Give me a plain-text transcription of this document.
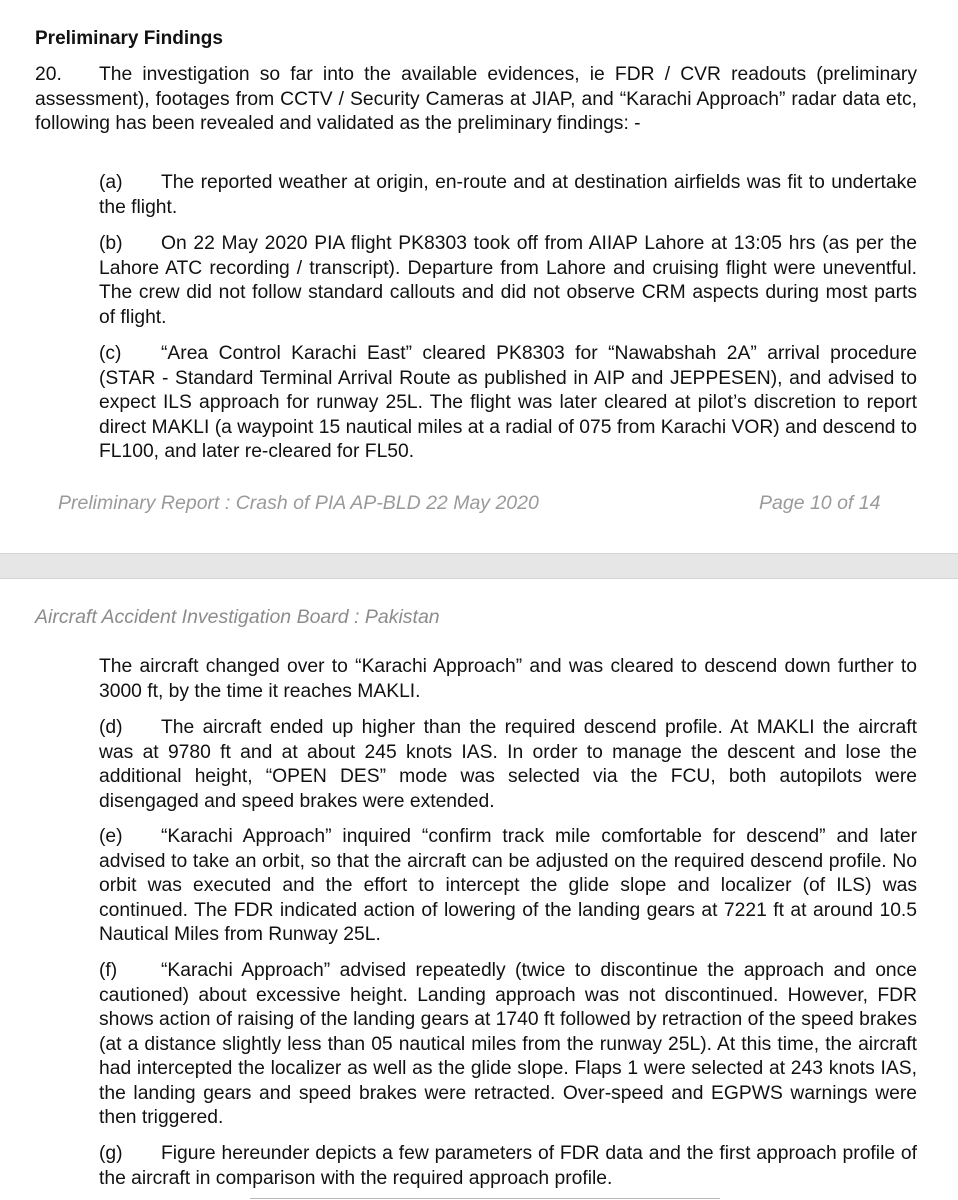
Preliminary Findings

20. The investigation so far into the available evidences, ie FDR / CVR readouts (preliminary assessment), footages from CCTV / Security Cameras at JIAP, and “Karachi Approach” radar data etc, following has been revealed and validated as the preliminary findings: -

(a) The reported weather at origin, en-route and at destination airfields was fit to undertake the flight.

(b) On 22 May 2020 PIA flight PK8303 took off from AIIAP Lahore at 13:05 hrs (as per the Lahore ATC recording / transcript). Departure from Lahore and cruising flight were uneventful. The crew did not follow standard callouts and did not observe CRM aspects during most parts of flight.

(c) “Area Control Karachi East” cleared PK8303 for “Nawabshah 2A” arrival procedure (STAR - Standard Terminal Arrival Route as published in AIP and JEPPESEN), and advised to expect ILS approach for runway 25L. The flight was later cleared at pilot’s discretion to report direct MAKLI (a waypoint 15 nautical miles at a radial of 075 from Karachi VOR) and descend to FL100, and later re-cleared for FL50.

Preliminary Report : Crash of PIA AP-BLD 22 May 2020	Page 10 of 14
Aircraft Accident Investigation Board : Pakistan

The aircraft changed over to “Karachi Approach” and was cleared to descend down further to 3000 ft, by the time it reaches MAKLI.

(d) The aircraft ended up higher than the required descend profile. At MAKLI the aircraft was at 9780 ft and at about 245 knots IAS. In order to manage the descent and lose the additional height, “OPEN DES” mode was selected via the FCU, both autopilots were disengaged and speed brakes were extended.

(e) “Karachi Approach” inquired “confirm track mile comfortable for descend” and later advised to take an orbit, so that the aircraft can be adjusted on the required descend profile. No orbit was executed and the effort to intercept the glide slope and localizer (of ILS) was continued. The FDR indicated action of lowering of the landing gears at 7221 ft at around 10.5 Nautical Miles from Runway 25L.

(f) “Karachi Approach” advised repeatedly (twice to discontinue the approach and once cautioned) about excessive height. Landing approach was not discontinued. However, FDR shows action of raising of the landing gears at 1740 ft followed by retraction of the speed brakes (at a distance slightly less than 05 nautical miles from the runway 25L). At this time, the aircraft had intercepted the localizer as well as the glide slope. Flaps 1 were selected at 243 knots IAS, the landing gears and speed brakes were retracted. Over-speed and EGPWS warnings were then triggered.

(g) Figure hereunder depicts a few parameters of FDR data and the first approach profile of the aircraft in comparison with the required approach profile.
